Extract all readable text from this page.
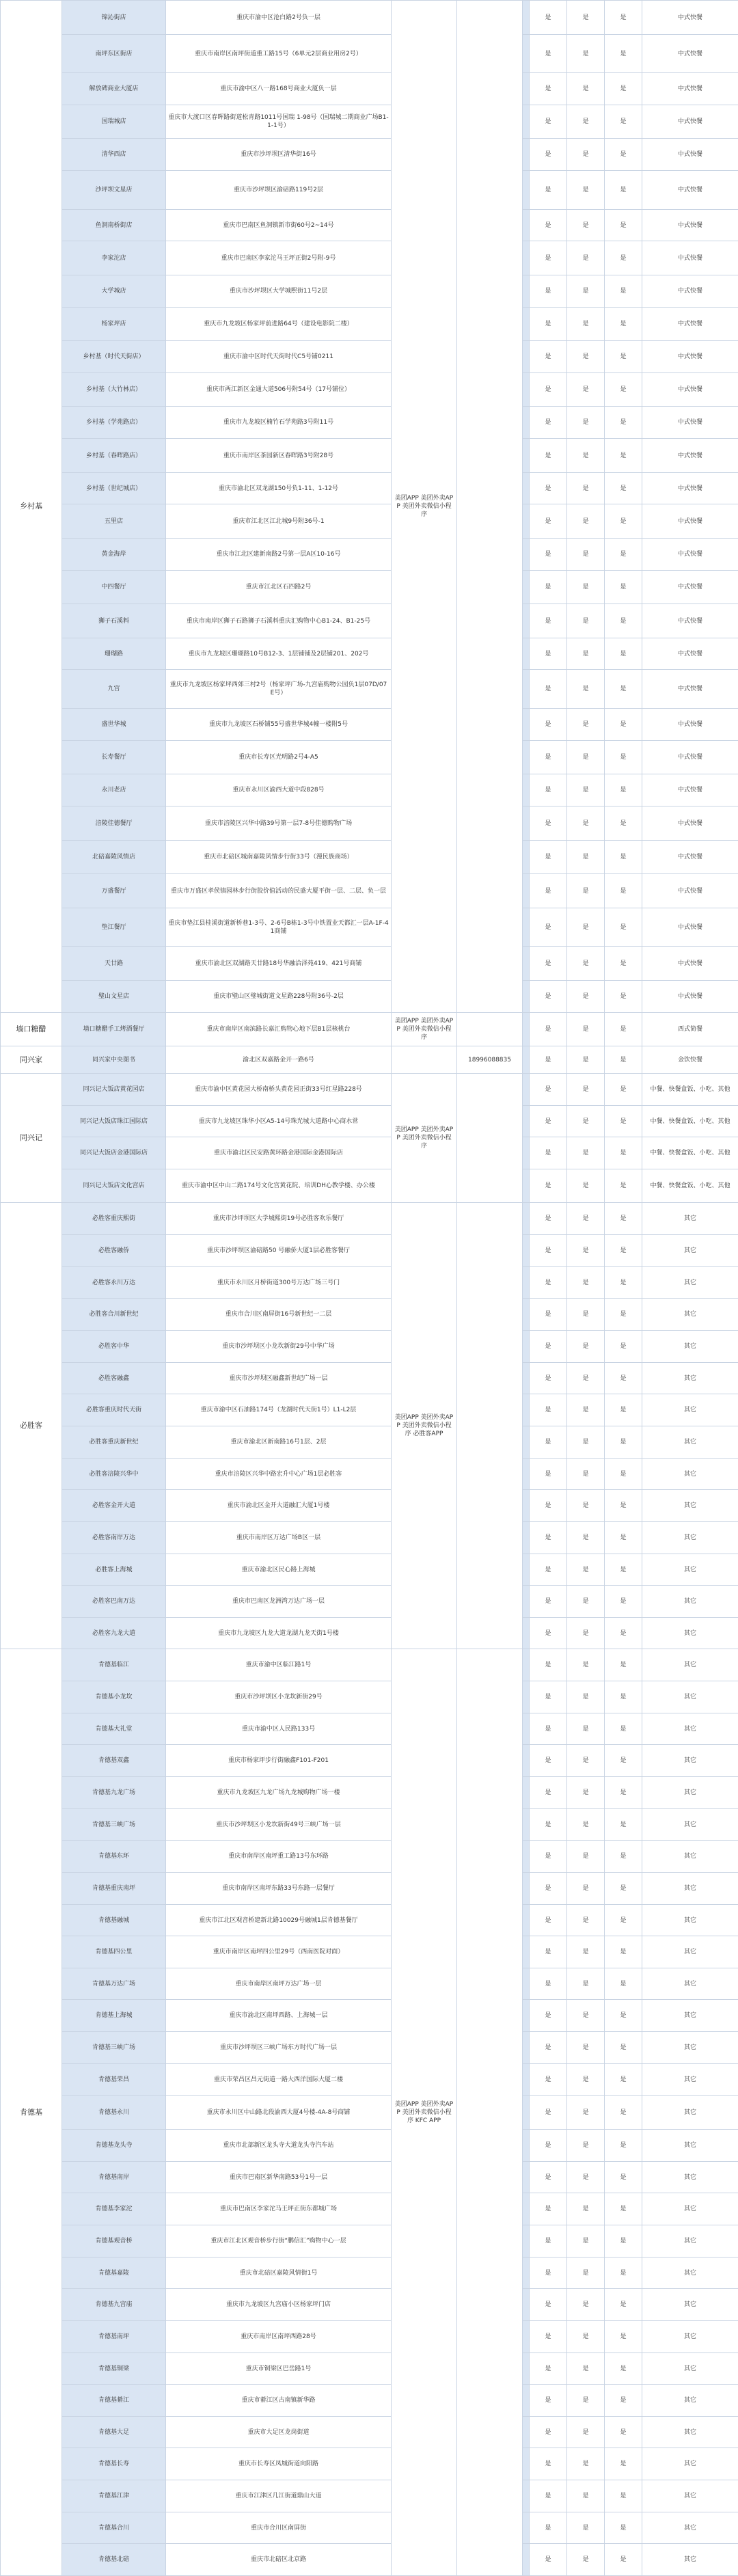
乡村基	锦沁街店	重庆市渝中区沧白路2号负一层	美团APP 美团外卖APP 美团外卖微信小程序			是	是	是	中式快餐
	南坪东区街店	重庆市南岸区南坪街道重工路15号（6单元2层商业用房2号）				是	是	是	中式快餐
	解放碑商业大厦店	重庆市渝中区八一路168号商业大厦负一层				是	是	是	中式快餐
	国瑞城店	重庆市大渡口区春晖路街道松青路1011号国瑞 1-98号（国瑞城二期商业广场B1-1-1号）				是	是	是	中式快餐
	清华西店	重庆市沙坪坝区清华街16号				是	是	是	中式快餐
	沙坪坝文星店	重庆市沙坪坝区渝碚路119号2层				是	是	是	中式快餐
	鱼洞南桥街店	重庆市巴南区鱼洞镇新市街60号2~14号				是	是	是	中式快餐
	李家沱店	重庆市巴南区李家沱马王坪正街2号附-9号				是	是	是	中式快餐
	大学城店	重庆市沙坪坝区大学城熙街11号2层				是	是	是	中式快餐
	杨家坪店	重庆市九龙坡区杨家坪前进路64号（建设电影院二楼）				是	是	是	中式快餐
	乡村基（时代天街店）	重庆市渝中区时代天街时代C5号铺0211				是	是	是	中式快餐
	乡村基（大竹林店）	重庆市两江新区金通大道506号附54号（17号铺位）				是	是	是	中式快餐
	乡村基（学苑路店）	重庆市九龙坡区楠竹石学苑路3号附11号				是	是	是	中式快餐
	乡村基（春晖路店）	重庆市南岸区茶园新区春晖路3号附28号				是	是	是	中式快餐
	乡村基（世纪城店）	重庆市渝北区双龙湖150号负1-11、1-12号				是	是	是	中式快餐
	五里店	重庆市江北区江北城9号附36号-1				是	是	是	中式快餐
	黄金海岸	重庆市江北区建新南路2号第一层A区10-16号				是	是	是	中式快餐
	中四餐厅	重庆市江北区石四路2号				是	是	是	中式快餐
	狮子石溪料	重庆市南岸区狮子石路狮子石溪料重庆汇购物中心B1-24、B1-25号				是	是	是	中式快餐
	珊瑚路	重庆市九龙坡区珊瑚路10号B12-3、1层铺铺及2层铺201、202号				是	是	是	中式快餐
	九宫	重庆市九龙坡区杨家坪西郊三村2号（杨家坪广场-九宫庙购物公园负1层07D/07E号）				是	是	是	中式快餐
	盛世华城	重庆市九龙坡区石桥铺55号盛世华城4幢一楼附5号				是	是	是	中式快餐
	长寿餐厅	重庆市长寿区光明路2号4-A5				是	是	是	中式快餐
	永川老店	重庆市永川区渝西大道中段828号				是	是	是	中式快餐
	涪陵佳德餐厅	重庆市涪陵区兴华中路39号第一层7-8号佳德购物广场				是	是	是	中式快餐
	北碚嘉陵风情店	重庆市北碚区城南嘉陵风情步行街33号（漫民族商场）				是	是	是	中式快餐
	万盛餐厅	重庆市万盛区孝侯镇园林步行街胶价值活动的民盛大厦平街一层、二层、负一层				是	是	是	中式快餐
	垫江餐厅	重庆市垫江县桂溪街道新桥巷1-3号、2-6号B栋1-3号中铁置业天都汇一层A-1F-41商铺				是	是	是	中式快餐
	天廿路	重庆市渝北区双湖路天廿路18号华融洽泽苑419、421号商铺				是	是	是	中式快餐
	璧山文星店	重庆市璧山区璧城街道文星路228号附36号-2层				是	是	是	中式快餐
墙口糖醋	墙口糖醋手工烤酒餐厅	重庆市南岸区南滨路长嘉汇购物心地下层B1层核桃台	美团APP 美团外卖APP 美团外卖微信小程序			是	是	是	西式简餐
同兴家	同兴家中央图书	渝北区双嘉路金开一路6号		18996088835		是	是	是	金饮快餐
同兴记	同兴记大饭店黄花园店	重庆市渝中区黄花园大桥南桥头黄花园正街33号红星路228号	美团APP 美团外卖APP 美团外卖微信小程序			是	是	是	中餐、快餐盒饭、小吃、其他
	同兴记大饭店珠江国际店	重庆市九龙坡区珠华小区A5-14号珠光城大道路中心商水常				是	是	是	中餐、快餐盒饭、小吃、其他
	同兴记大饭店金港国际店	重庆市渝北区民安路黄环路金港国际金港国际店				是	是	是	中餐、快餐盒饭、小吃、其他
	同兴记大饭店文化宫店	重庆市渝中区中山二路174号文化宫黄花院、培训DH心教学楼、办公楼				是	是	是	中餐、快餐盒饭、小吃、其他
必胜客	必胜客重庆熙街	重庆市沙坪坝区大学城熙街19号必胜客欢乐餐厅	美团APP 美团外卖APP 美团外卖微信小程序 必胜客APP			是	是	是	其它
	必胜客融侨	重庆市沙坪坝区渝碚路50 号融侨大厦1层必胜客餐厅				是	是	是	其它
	必胜客永川万达	重庆市永川区月桥街道300号万达广场三号门				是	是	是	其它
	必胜客合川新世纪	重庆市合川区南屏街16号新世纪一二层				是	是	是	其它
	必胜客中华	重庆市沙坪坝区小龙坎新街29号中华广场				是	是	是	其它
	必胜客融鑫	重庆市沙坪坝区融鑫新世纪广场一层				是	是	是	其它
	必胜客重庆时代天街	重庆市渝中区石油路174号（龙湖时代天街1号）L1-L2层				是	是	是	其它
	必胜客重庆新世纪	重庆市渝北区新南路16号1层、2层				是	是	是	其它
	必胜客涪陵兴华中	重庆市涪陵区兴华中路宏升中心广场1层必胜客				是	是	是	其它
	必胜客金开大道	重庆市渝北区金开大道融汇大厦1号楼				是	是	是	其它
	必胜客南岸万达	重庆市南岸区万达广场B区一层				是	是	是	其它
	必胜客上海城	重庆市渝北区民心路上海城				是	是	是	其它
	必胜客巴南万达	重庆市巴南区龙洲湾万达广场一层				是	是	是	其它
	必胜客九龙大道	重庆市九龙坡区九龙大道龙湖九龙天街1号楼				是	是	是	其它
肯德基	肯德基临江	重庆市渝中区临江路1号	美团APP 美团外卖APP 美团外卖微信小程序 KFC APP			是	是	是	其它
	肯德基小龙坎	重庆市沙坪坝区小龙坎新街29号				是	是	是	其它
	肯德基大礼堂	重庆市渝中区人民路133号				是	是	是	其它
	肯德基双鑫	重庆市杨家坪步行街融鑫F101-F201				是	是	是	其它
	肯德基九龙广场	重庆市九龙坡区九龙广场九龙城购物广场一楼				是	是	是	其它
	肯德基三峡广场	重庆市沙坪坝区小龙坎新街49号三峡广场一层				是	是	是	其它
	肯德基东环	重庆市南岸区南坪重工路13号东环路				是	是	是	其它
	肯德基重庆南坪	重庆市南岸区南坪东路33号东路一层餐厅				是	是	是	其它
	肯德基融城	重庆市江北区观音桥建新北路10029号融城1层肯德基餐厅				是	是	是	其它
	肯德基四公里	重庆市南岸区南坪四公里29号（西南医院对面）				是	是	是	其它
	肯德基万达广场	重庆市南岸区南坪万达广场一层				是	是	是	其它
	肯德基上海城	重庆市渝北区南坪西路、上海城一层				是	是	是	其它
	肯德基三峡广场	重庆市沙坪坝区三峡广场东方时代广场一层				是	是	是	其它
	肯德基荣昌	重庆市荣昌区昌元街道一路大西洋国际大厦二楼				是	是	是	其它
	肯德基永川	重庆市永川区中山路北段渝西大厦4号楼-4A-8号商铺				是	是	是	其它
	肯德基龙头寺	重庆市北部新区龙头寺大道龙头寺汽车站				是	是	是	其它
	肯德基南岸	重庆市巴南区新华南路53号1号一层				是	是	是	其它
	肯德基李家沱	重庆市巴南区李家沱马王坪正街东都城广场				是	是	是	其它
	肯德基观音桥	重庆市江北区观音桥步行街“鹏信汇”购物中心一层				是	是	是	其它
	肯德基嘉陵	重庆市北碚区嘉陵风情街1号				是	是	是	其它
	肯德基九宫庙	重庆市九龙坡区九宫庙小区杨家坪门店				是	是	是	其它
	肯德基南坪	重庆市南岸区南坪西路28号				是	是	是	其它
	肯德基铜梁	重庆市铜梁区巴岳路1号				是	是	是	其它
	肯德基綦江	重庆市綦江区古南镇新华路				是	是	是	其它
	肯德基大足	重庆市大足区龙岗街道				是	是	是	其它
	肯德基长寿	重庆市长寿区凤城街道向阳路				是	是	是	其它
	肯德基江津	重庆市江津区几江街道鼎山大道				是	是	是	其它
	肯德基合川	重庆市合川区南屏街				是	是	是	其它
	肯德基北碚	重庆市北碚区北京路				是	是	是	其它
